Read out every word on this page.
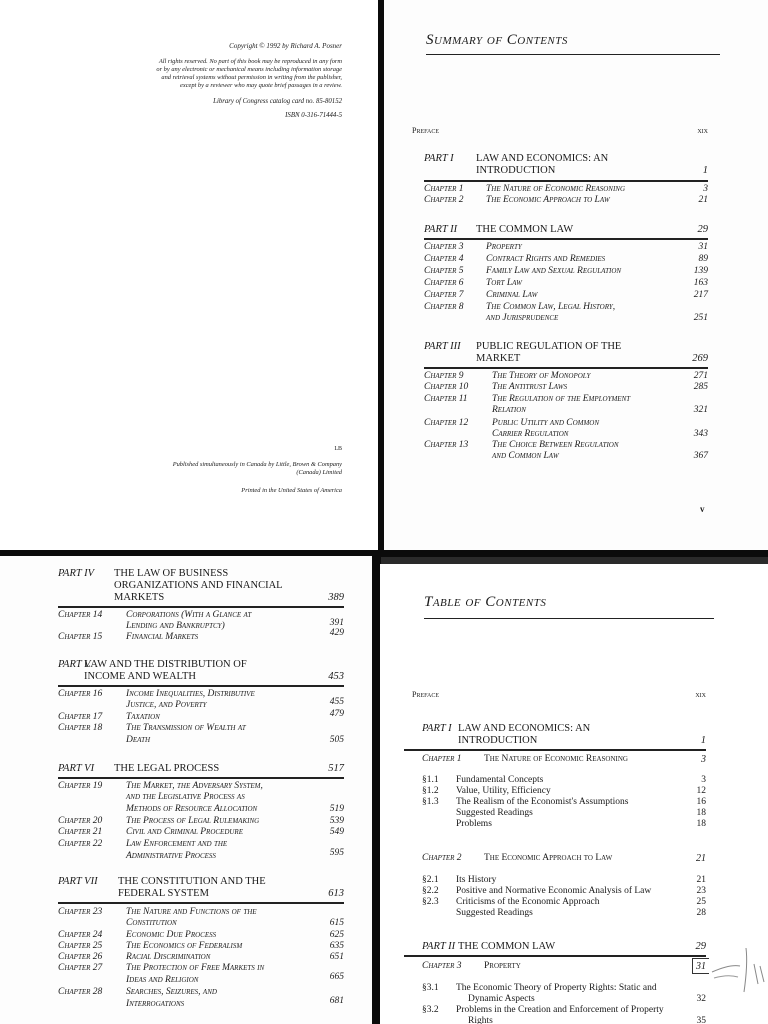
Copyright © 1992 by Richard A. Posner
All rights reserved. No part of this book may be reproduced in any form
or by any electronic or mechanical means including information storage
and retrieval systems without permission in writing from the publisher,
except by a reviewer who may quote brief passages in a review.
Library of Congress catalog card no. 85-80152
ISBN 0-316-71444-5
LB
Published simultaneously in Canada by Little, Brown & Company
(Canada) Limited
Printed in the United States of America
Summary of Contents
Preface	xix
PART I LAW AND ECONOMICS: AN
INTRODUCTION	1
Chapter 1 The Nature of Economic Reasoning	3
Chapter 2 The Economic Approach to Law	21
PART II THE COMMON LAW	29
Chapter 3 Property	31
Chapter 4 Contract Rights and Remedies	89
Chapter 5 Family Law and Sexual Regulation	139
Chapter 6 Tort Law	163
Chapter 7 Criminal Law	217
Chapter 8 The Common Law, Legal History,
and Jurisprudence	251
PART III PUBLIC REGULATION OF THE
MARKET	269
Chapter 9	The Theory of Monopoly	271
Chapter 10 The Antitrust Laws	285
Chapter 11	The Regulation of the Employment
Relation	321
Chapter 12 Public Utility and Common
Carrier Regulation	343
Chapter 13 The Choice Between Regulation
and Common Law	367
v
PART IV THE LAW OF BUSINESS
ORGANIZATIONS AND FINANCIAL
MARKETS	389
Chapter 14 Corporations (With a Glance at
Lending and Bankruptcy)	391
Chapter 15 Financial Markets	429
PART V
LAW AND THE DISTRIBUTION OF
INCOME AND WEALTH	453
Chapter 16 Income Inequalities, Distributive
Justice, and Poverty	455
Chapter 17 Taxation	479
Chapter 18 The Transmission of Wealth at
Death	505
PART VI THE LEGAL PROCESS	517
Chapter 19 The Market, the Adversary System,
and the Legislative Process as
Methods of Resource Allocation	519
Chapter 20 The Process of Legal Rulemaking	539
Chapter 21 Civil and Criminal Procedure	549
Chapter 22 Law Enforcement and the
Administrative Process	595
PART VII THE CONSTITUTION AND THE
FEDERAL SYSTEM	613
Chapter 23 The Nature and Functions of the
Constitution	615
Chapter 24 Economic Due Process	625
Chapter 25 The Economics of Federalism	635
Chapter 26 Racial Discrimination	651
Chapter 27 The Protection of Free Markets in
Ideas and Religion	665
Chapter 28 Searches, Seizures, and
Interrogations	681
Table of Contents
Preface	xix
PART I LAW AND ECONOMICS: AN
INTRODUCTION	1
Chapter 1 The Nature of Economic Reasoning	3
§1.1 Fundamental Concepts	3
§1.2 Value, Utility, Efficiency	12
§1.3 The Realism of the Economist's Assumptions	16
Suggested Readings	18
Problems	18
Chapter 2 The Economic Approach to Law	21
§2.1 Its History	21
§2.2 Positive and Normative Economic Analysis of Law	23
§2.3 Criticisms of the Economic Approach	25
Suggested Readings	28
PART II THE COMMON LAW	29
Chapter 3 Property	31
§3.1 The Economic Theory of Property Rights: Static and
Dynamic Aspects	32
§3.2 Problems in the Creation and Enforcement of Property
Rights	35
